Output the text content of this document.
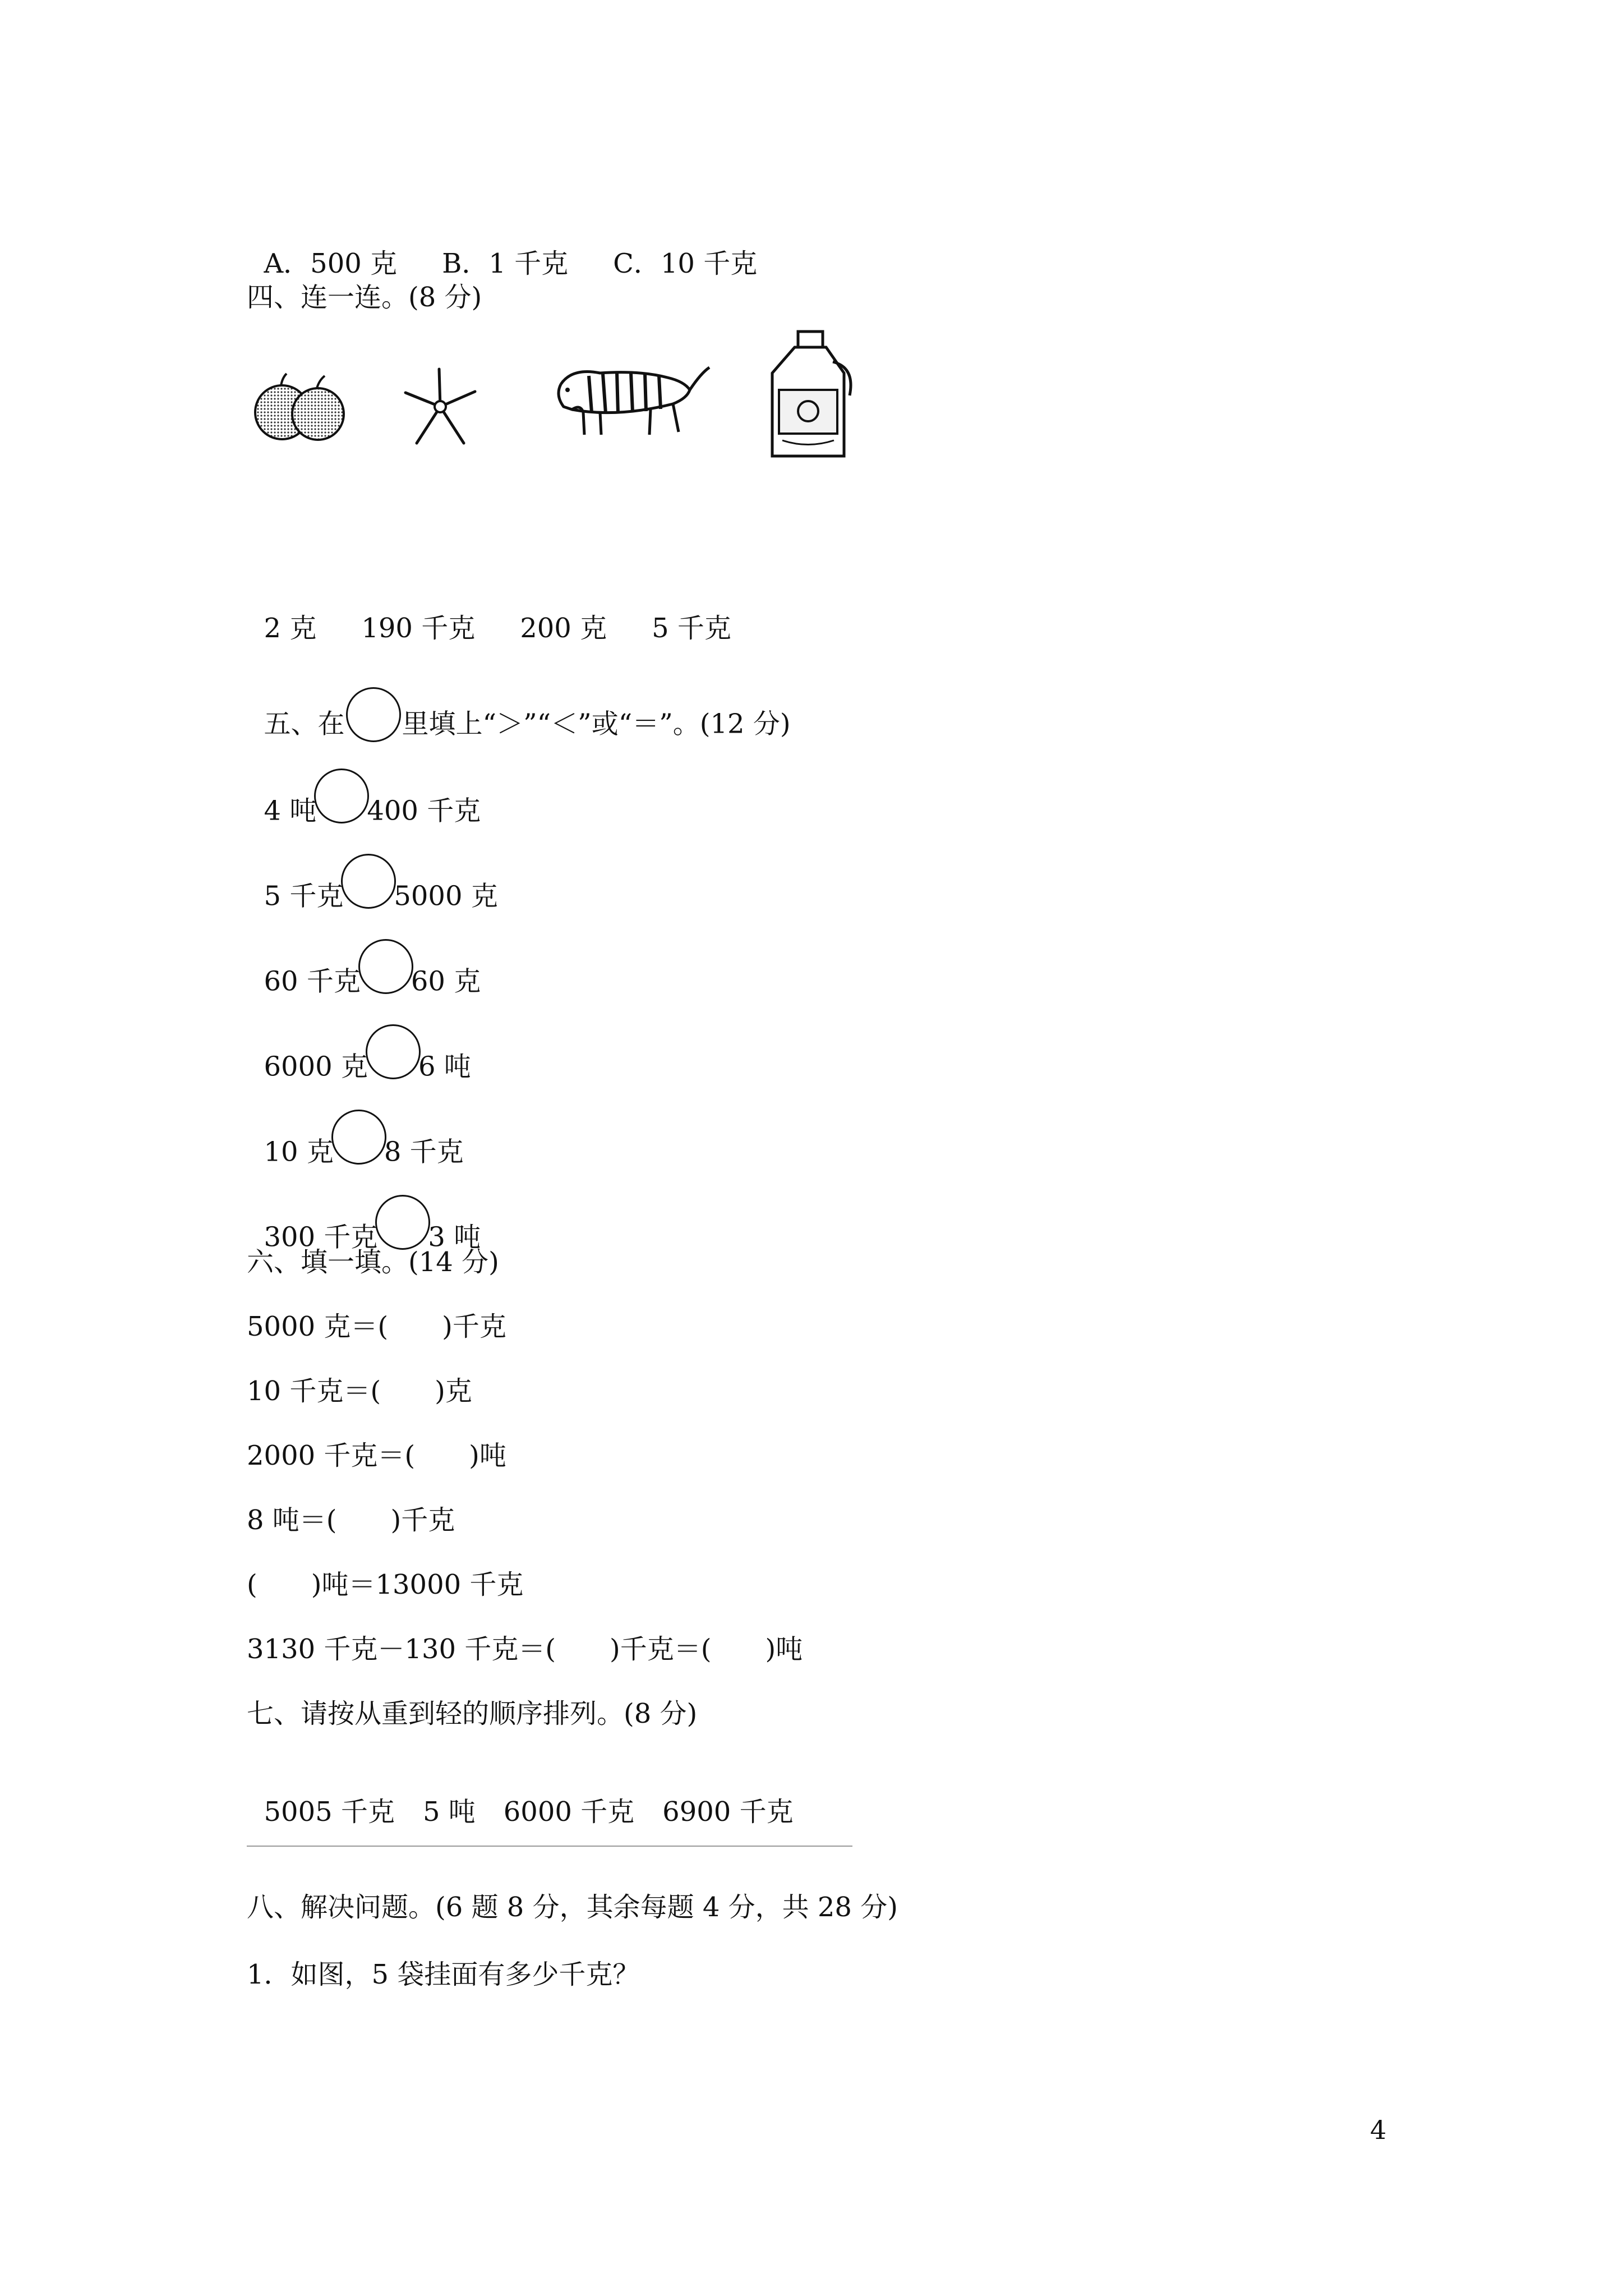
A．500 克 B．1 千克 C．10 千克

四、连一连。(8 分)

2 克 190 千克 200 克 5 千克

五、在 里填上“＞”“＜”或“＝”。(12 分)

4 吨 400 千克

5 千克 5000 克

60 千克 60 克

6000 克 6 吨

10 克 8 千克

300 千克 3 吨

六、填一填。(14 分)
5000 克＝(　　)千克
10 千克＝(　　)克
2000 千克＝(　　)吨
8 吨＝(　　)千克
(　　)吨＝13000 千克
3130 千克－130 千克＝(　　)千克＝(　　)吨
七、请按从重到轻的顺序排列。(8 分)

5005 千克 5 吨 6000 千克 6900 千克

八、解决问题。(6 题 8 分，其余每题 4 分，共 28 分)
1．如图，5 袋挂面有多少千克？
4
